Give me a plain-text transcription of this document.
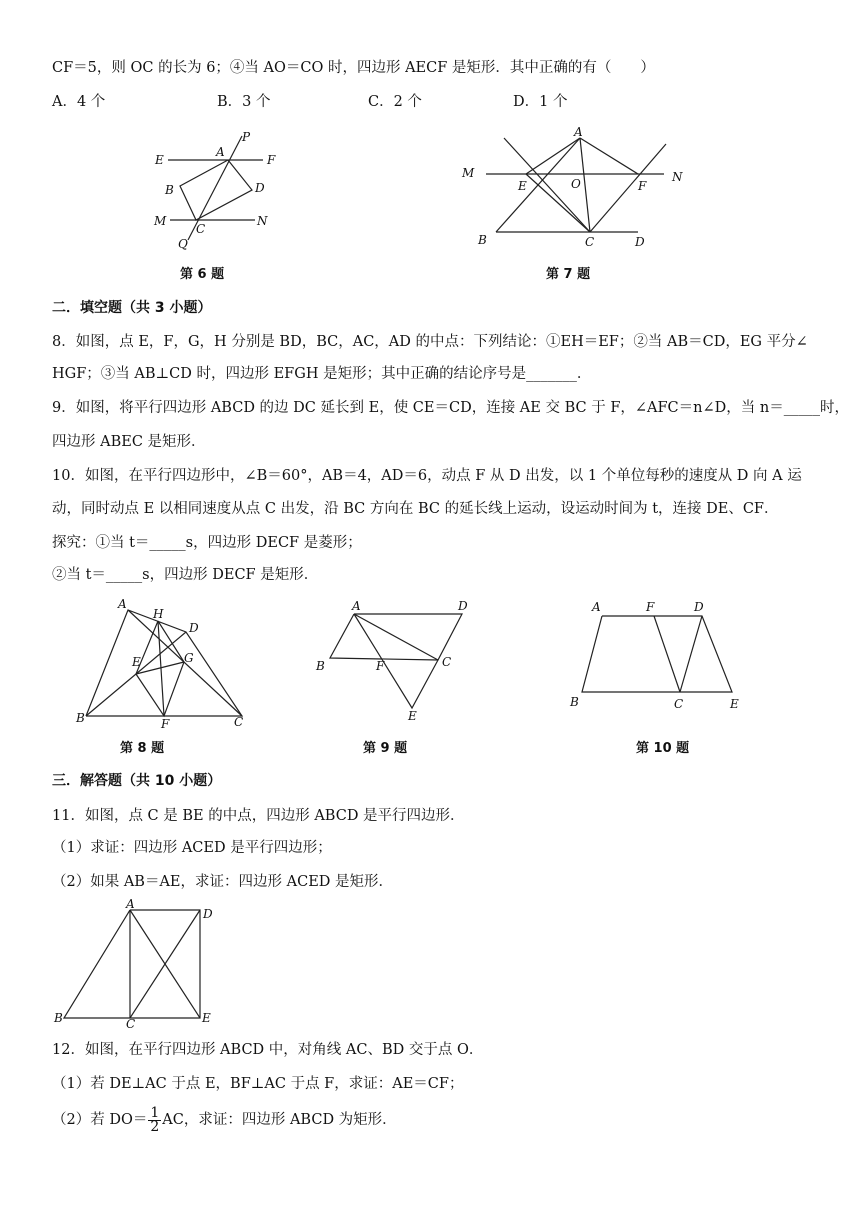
CF＝5，则 OC 的长为 6；④当 AO＝CO 时，四边形 AECF 是矩形．其中正确的有（　　）
A．4 个	B．3 个	C．2 个	D．1 个
P
E
A
F
B	D
M
C
N
Q
第 6 题
A
M
E	O	F
N
B	C	D
第 7 题
二．填空题（共 3 小题）
8．如图，点 E，F，G，H 分别是 BD，BC，AC，AD 的中点：下列结论：①EH＝EF；②当 AB＝CD，EG 平分∠
HGF；③当 AB⊥CD 时，四边形 EFGH 是矩形；其中正确的结论序号是_______．
9．如图，将平行四边形 ABCD 的边 DC 延长到 E，使 CE＝CD，连接 AE 交 BC 于 F，∠AFC＝n∠D，当 n＝_____时，
四边形 ABEC 是矩形．
10．如图，在平行四边形中，∠B＝60°，AB＝4，AD＝6，动点 F 从 D 出发，以 1 个单位每秒的速度从 D 向 A 运
动，同时动点 E 以相同速度从点 C 出发，沿 BC 方向在 BC 的延长线上运动，设运动时间为 t，连接 DE、CF．
探究：①当 t＝_____s，四边形 DECF 是菱形；
②当 t＝_____s，四边形 DECF 是矩形．
A
H
D
E	G
B	F	C
第 8 题
A	D
B	F	C
E
第 9 题
A	F	D
B	C	E
第 10 题
三．解答题（共 10 小题）
11．如图，点 C 是 BE 的中点，四边形 ABCD 是平行四边形．
（1）求证：四边形 ACED 是平行四边形；
（2）如果 AB＝AE，求证：四边形 ACED 是矩形．
A
D
B	C	E
12．如图，在平行四边形 ABCD 中，对角线 AC、BD 交于点 O．
（1）若 DE⊥AC 于点 E，BF⊥AC 于点 F，求证：AE＝CF；
（2）若 $DO= \frac{1}{2}$ AC，求证：四边形 ABCD 为矩形．
